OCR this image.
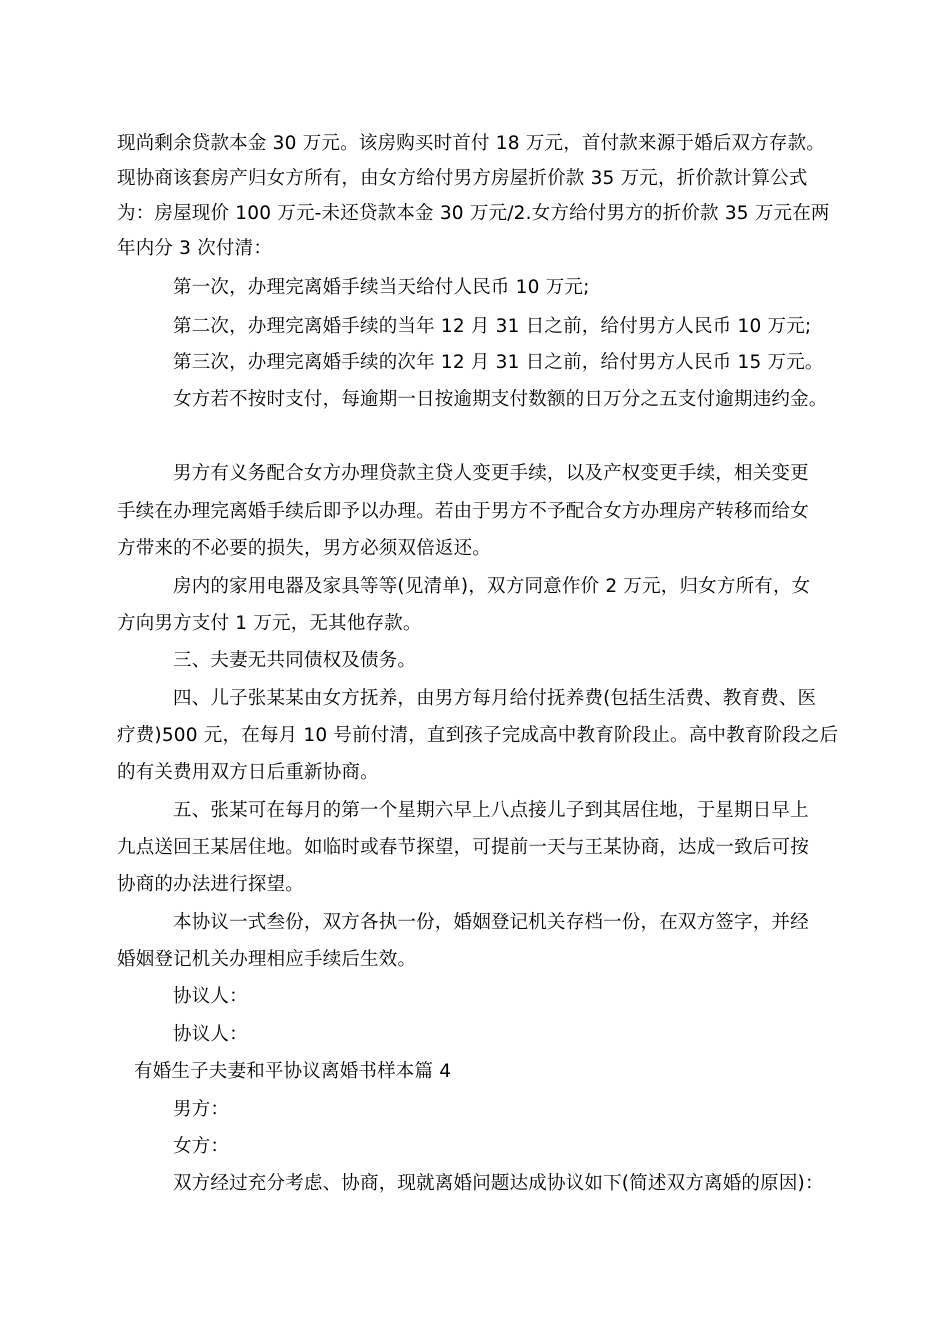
现尚剩余贷款本金 30 万元。该房购买时首付 18 万元，首付款来源于婚后双方存款。
现协商该套房产归女方所有，由女方给付男方房屋折价款 35 万元，折价款计算公式
为：房屋现价 100 万元-未还贷款本金 30 万元/2.女方给付男方的折价款 35 万元在两
年内分 3 次付清：
第一次，办理完离婚手续当天给付人民币 10 万元;
第二次，办理完离婚手续的当年 12 月 31 日之前，给付男方人民币 10 万元;
第三次，办理完离婚手续的次年 12 月 31 日之前，给付男方人民币 15 万元。
女方若不按时支付，每逾期一日按逾期支付数额的日万分之五支付逾期违约金。
男方有义务配合女方办理贷款主贷人变更手续，以及产权变更手续，相关变更
手续在办理完离婚手续后即予以办理。若由于男方不予配合女方办理房产转移而给女
方带来的不必要的损失，男方必须双倍返还。
房内的家用电器及家具等等(见清单)，双方同意作价 2 万元，归女方所有，女
方向男方支付 1 万元，无其他存款。
三、夫妻无共同债权及债务。
四、儿子张某某由女方抚养，由男方每月给付抚养费(包括生活费、教育费、医
疗费)500 元，在每月 10 号前付清，直到孩子完成高中教育阶段止。高中教育阶段之后
的有关费用双方日后重新协商。
五、张某可在每月的第一个星期六早上八点接儿子到其居住地，于星期日早上
九点送回王某居住地。如临时或春节探望，可提前一天与王某协商，达成一致后可按
协商的办法进行探望。
本协议一式叁份，双方各执一份，婚姻登记机关存档一份，在双方签字，并经
婚姻登记机关办理相应手续后生效。
协议人：
协议人：
有婚生子夫妻和平协议离婚书样本篇 4
男方：
女方：
双方经过充分考虑、协商，现就离婚问题达成协议如下(简述双方离婚的原因)：
